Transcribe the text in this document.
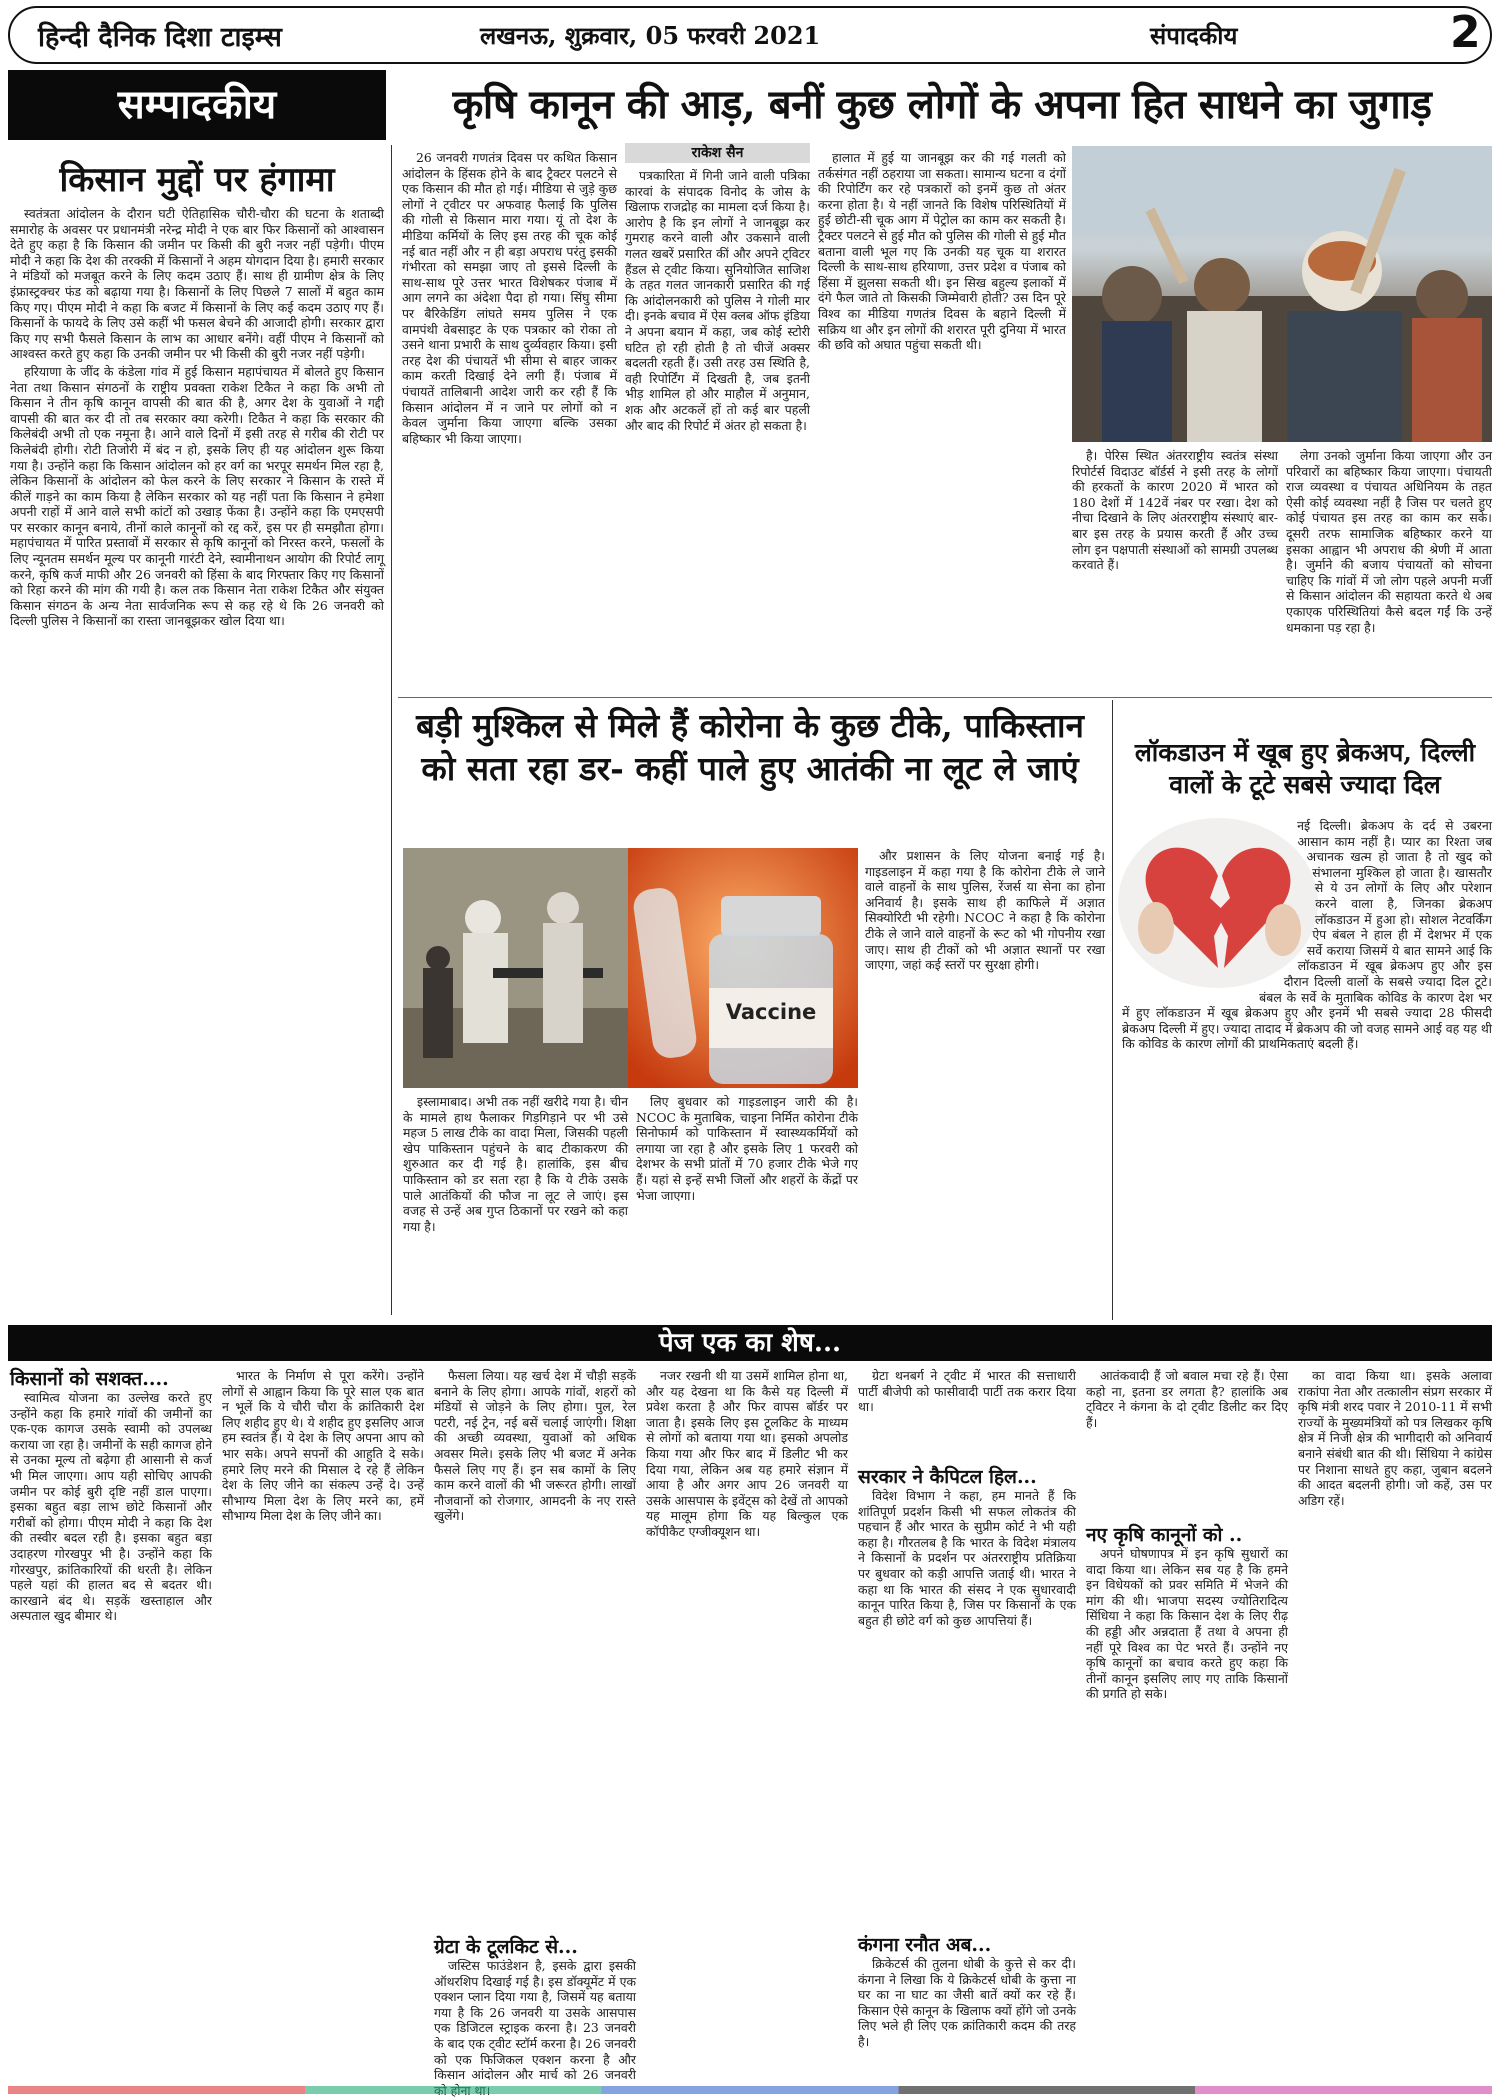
हिन्दी दैनिक दिशा टाइम्स	लखनऊ, शुक्रवार, 05 फरवरी 2021	संपादकीय	2
सम्पादकीय
किसान मुद्दों पर हंगामा

स्वतंत्रता आंदोलन के दौरान घटी ऐतिहासिक चौरी-चौरा की घटना के शताब्दी समारोह के अवसर पर प्रधानमंत्री नरेन्द्र मोदी ने एक बार फिर किसानों को आश्वासन देते हुए कहा है कि किसान की जमीन पर किसी की बुरी नजर नहीं पड़ेगी। पीएम मोदी ने कहा कि देश की तरक्की में किसानों ने अहम योगदान दिया है। हमारी सरकार ने मंडियों को मजबूत करने के लिए कदम उठाए हैं। साथ ही ग्रामीण क्षेत्र के लिए इंफ्रास्ट्रक्चर फंड को बढ़ाया गया है। किसानों के लिए पिछले 7 सालों में बहुत काम किए गए। पीएम मोदी ने कहा कि बजट में किसानों के लिए कई कदम उठाए गए हैं। किसानों के फायदे के लिए उसे कहीं भी फसल बेचने की आजादी होगी। सरकार द्वारा किए गए सभी फैसले किसान के लाभ का आधार बनेंगे। वहीं पीएम ने किसानों को आश्वस्त करते हुए कहा कि उनकी जमीन पर भी किसी की बुरी नजर नहीं पड़ेगी।

हरियाणा के जींद के कंडेला गांव में हुई किसान महापंचायत में बोलते हुए किसान नेता तथा किसान संगठनों के राष्ट्रीय प्रवक्ता राकेश टिकैत ने कहा कि अभी तो किसान ने तीन कृषि कानून वापसी की बात की है, अगर देश के युवाओं ने गद्दी वापसी की बात कर दी तो तब सरकार क्या करेगी। टिकैत ने कहा कि सरकार की किलेबंदी अभी तो एक नमूना है। आने वाले दिनों में इसी तरह से गरीब की रोटी पर किलेबंदी होगी। रोटी तिजोरी में बंद न हो, इसके लिए ही यह आंदोलन शुरू किया गया है। उन्होंने कहा कि किसान आंदोलन को हर वर्ग का भरपूर समर्थन मिल रहा है, लेकिन किसानों के आंदोलन को फेल करने के लिए सरकार ने किसान के रास्ते में कीलें गाड़ने का काम किया है लेकिन सरकार को यह नहीं पता कि किसान ने हमेशा अपनी राहों में आने वाले सभी कांटों को उखाड़ फेंका है। उन्होंने कहा कि एमएसपी पर सरकार कानून बनाये, तीनों काले कानूनों को रद्द करें, इस पर ही समझौता होगा। महापंचायत में पारित प्रस्तावों में सरकार से कृषि कानूनों को निरस्त करने, फसलों के लिए न्यूनतम समर्थन मूल्य पर कानूनी गारंटी देने, स्वामीनाथन आयोग की रिपोर्ट लागू करने, कृषि कर्ज माफी और 26 जनवरी को हिंसा के बाद गिरफ्तार किए गए किसानों को रिहा करने की मांग की गयी है। कल तक किसान नेता राकेश टिकैत और संयुक्त किसान संगठन के अन्य नेता सार्वजनिक रूप से कह रहे थे कि 26 जनवरी को दिल्ली पुलिस ने किसानों का रास्ता जानबूझकर खोल दिया था।

कृषि कानून की आड़, बनीं कुछ लोगों के अपना हित साधने का जुगाड़

26 जनवरी गणतंत्र दिवस पर कथित किसान आंदोलन के हिंसक होने के बाद ट्रैक्टर पलटने से एक किसान की मौत हो गई। मीडिया से जुड़े कुछ लोगों ने ट्वीटर पर अफवाह फैलाई कि पुलिस की गोली से किसान मारा गया। यूं तो देश के मीडिया कर्मियों के लिए इस तरह की चूक कोई नई बात नहीं और न ही बड़ा अपराध परंतु इसकी गंभीरता को समझा जाए तो इससे दिल्ली के साथ-साथ पूरे उत्तर भारत विशेषकर पंजाब में आग लगने का अंदेशा पैदा हो गया। सिंघु सीमा पर बैरिकेडिंग लांघते समय पुलिस ने एक वामपंथी वेबसाइट के एक पत्रकार को रोका तो उसने थाना प्रभारी के साथ दुर्व्यवहार किया। इसी तरह देश की पंचायतें भी सीमा से बाहर जाकर काम करती दिखाई देने लगी हैं। पंजाब में पंचायतें तालिबानी आदेश जारी कर रही हैं कि किसान आंदोलन में न जाने पर लोगों को न केवल जुर्माना किया जाएगा बल्कि उसका बहिष्कार भी किया जाएगा।

राकेश सैन

पत्रकारिता में गिनी जाने वाली पत्रिका कारवां के संपादक विनोद के जोस के खिलाफ राजद्रोह का मामला दर्ज किया है। आरोप है कि इन लोगों ने जानबूझ कर गुमराह करने वाली और उकसाने वाली गलत खबरें प्रसारित कीं और अपने ट्विटर हैंडल से ट्वीट किया। सुनियोजित साजिश के तहत गलत जानकारी प्रसारित की गई कि आंदोलनकारी को पुलिस ने गोली मार दी। इनके बचाव में ऐस क्लब ऑफ इंडिया ने अपना बयान में कहा, जब कोई स्टोरी घटित हो रही होती है तो चीजें अक्सर बदलती रहती हैं। उसी तरह उस स्थिति है, वही रिपोर्टिंग में दिखती है, जब इतनी भीड़ शामिल हो और माहौल में अनुमान, शक और अटकलें हों तो कई बार पहली और बाद की रिपोर्ट में अंतर हो सकता है।

हालात में हुई या जानबूझ कर की गई गलती को तर्कसंगत नहीं ठहराया जा सकता। सामान्य घटना व दंगों की रिपोर्टिंग कर रहे पत्रकारों को इनमें कुछ तो अंतर करना होता है। ये नहीं जानते कि विशेष परिस्थितियों में हुई छोटी-सी चूक आग में पेट्रोल का काम कर सकती है। ट्रैक्टर पलटने से हुई मौत को पुलिस की गोली से हुई मौत बताना वाली भूल गए कि उनकी यह चूक या शरारत दिल्ली के साथ-साथ हरियाणा, उत्तर प्रदेश व पंजाब को हिंसा में झुलसा सकती थी। इन सिख बहुल्य इलाकों में दंगे फैल जाते तो किसकी जिम्मेवारी होती? उस दिन पूरे विश्व का मीडिया गणतंत्र दिवस के बहाने दिल्ली में सक्रिय था और इन लोगों की शरारत पूरी दुनिया में भारत की छवि को अघात पहुंचा सकती थी।

है। पेरिस स्थित अंतरराष्ट्रीय स्वतंत्र संस्था रिपोर्टर्स विदाउट बॉर्डर्स ने इसी तरह के लोगों की हरकतों के कारण 2020 में भारत को 180 देशों में 142वें नंबर पर रखा। देश को नीचा दिखाने के लिए अंतरराष्ट्रीय संस्थाएं बार-बार इस तरह के प्रयास करती हैं और उच्च लोग इन पक्षपाती संस्थाओं को सामग्री उपलब्ध करवाते हैं।

लेगा उनको जुर्माना किया जाएगा और उन परिवारों का बहिष्कार किया जाएगा। पंचायती राज व्यवस्था व पंचायत अधिनियम के तहत ऐसी कोई व्यवस्था नहीं है जिस पर चलते हुए कोई पंचायत इस तरह का काम कर सके। दूसरी तरफ सामाजिक बहिष्कार करने या इसका आह्वान भी अपराध की श्रेणी में आता है। जुर्माने की बजाय पंचायतों को सोचना चाहिए कि गांवों में जो लोग पहले अपनी मर्जी से किसान आंदोलन की सहायता करते थे अब एकाएक परिस्थितियां कैसे बदल गईं कि उन्हें धमकाना पड़ रहा है।

बड़ी मुश्किल से मिले हैं कोरोना के कुछ टीके, पाकिस्तान को सता रहा डर- कहीं पाले हुए आतंकी ना लूट ले जाएं
Vaccine

और प्रशासन के लिए योजना बनाई गई है। गाइडलाइन में कहा गया है कि कोरोना टीके ले जाने वाले वाहनों के साथ पुलिस, रेंजर्स या सेना का होना अनिवार्य है। इसके साथ ही काफिले में अज्ञात सिक्योरिटी भी रहेगी। NCOC ने कहा है कि कोरोना टीके ले जाने वाले वाहनों के रूट को भी गोपनीय रखा जाए। साथ ही टीकों को भी अज्ञात स्थानों पर रखा जाएगा, जहां कई स्तरों पर सुरक्षा होगी।

इस्लामाबाद। अभी तक नहीं खरीदे गया है। चीन के मामले हाथ फैलाकर गिड़गिड़ाने पर भी उसे महज 5 लाख टीके का वादा मिला, जिसकी पहली खेप पाकिस्तान पहुंचने के बाद टीकाकरण की शुरुआत कर दी गई है। हालांकि, इस बीच पाकिस्तान को डर सता रहा है कि ये टीके उसके पाले आतंकियों की फौज ना लूट ले जाएं। इस वजह से उन्हें अब गुप्त ठिकानों पर रखने को कहा गया है।

लिए बुधवार को गाइडलाइन जारी की है। NCOC के मुताबिक, चाइना निर्मित कोरोना टीके सिनोफार्म को पाकिस्तान में स्वास्थ्यकर्मियों को लगाया जा रहा है और इसके लिए 1 फरवरी को देशभर के सभी प्रांतों में 70 हजार टीके भेजे गए हैं। यहां से इन्हें सभी जिलों और शहरों के केंद्रों पर भेजा जाएगा।

लॉकडाउन में खूब हुए ब्रेकअप, दिल्ली वालों के टूटे सबसे ज्यादा दिल

नई दिल्ली। ब्रेकअप के दर्द से उबरना आसान काम नहीं है। प्यार का रिश्ता जब अचानक खत्म हो जाता है तो खुद को संभालना मुश्किल हो जाता है। खासतौर से ये उन लोगों के लिए और परेशान करने वाला है, जिनका ब्रेकअप लॉकडाउन में हुआ हो। सोशल नेटवर्किंग ऐप बंबल ने हाल ही में देशभर में एक सर्वे कराया जिसमें ये बात सामने आई कि लॉकडाउन में खूब ब्रेकअप हुए और इस दौरान दिल्ली वालों के सबसे ज्यादा दिल टूटे। बंबल के सर्वे के मुताबिक कोविड के कारण देश भर में हुए लॉकडाउन में खूब ब्रेकअप हुए और इनमें भी सबसे ज्यादा 28 फीसदी ब्रेकअप दिल्ली में हुए। ज्यादा तादाद में ब्रेकअप की जो वजह सामने आई वह यह थी कि कोविड के कारण लोगों की प्राथमिकताएं बदली हैं।

पेज एक का शेष...
किसानों को सशक्त....

स्वामित्व योजना का उल्लेख करते हुए उन्होंने कहा कि हमारे गांवों की जमीनों का एक-एक कागज उसके स्वामी को उपलब्ध कराया जा रहा है। जमीनों के सही कागज होने से उनका मूल्य तो बढ़ेगा ही आसानी से कर्ज भी मिल जाएगा। आप यही सोचिए आपकी जमीन पर कोई बुरी दृष्टि नहीं डाल पाएगा। इसका बहुत बड़ा लाभ छोटे किसानों और गरीबों को होगा। पीएम मोदी ने कहा कि देश की तस्वीर बदल रही है। इसका बहुत बड़ा उदाहरण गोरखपुर भी है। उन्होंने कहा कि गोरखपुर, क्रांतिकारियों की धरती है। लेकिन पहले यहां की हालत बद से बदतर थी। कारखाने बंद थे। सड़कें खस्ताहाल और अस्पताल खुद बीमार थे।

भारत के निर्माण से पूरा करेंगे। उन्होंने लोगों से आह्वान किया कि पूरे साल एक बात न भूलें कि ये चौरी चौरा के क्रांतिकारी देश लिए शहीद हुए थे। ये शहीद हुए इसलिए आज हम स्वतंत्र हैं। ये देश के लिए अपना आप को भार सके। अपने सपनों की आहुति दे सके। हमारे लिए मरने की मिसाल दे रहे हैं लेकिन देश के लिए जीने का संकल्प उन्हें दे। उन्हें सौभाग्य मिला देश के लिए मरने का, हमें सौभाग्य मिला देश के लिए जीने का।

फैसला लिया। यह खर्च देश में चौड़ी सड़कें बनाने के लिए होगा। आपके गांवों, शहरों को मंडियों से जोड़ने के लिए होगा। पुल, रेल पटरी, नई ट्रेन, नई बसें चलाई जाएंगी। शिक्षा की अच्छी व्यवस्था, युवाओं को अधिक अवसर मिले। इसके लिए भी बजट में अनेक फैसले लिए गए हैं। इन सब कामों के लिए काम करने वालों की भी जरूरत होगी। लाखों नौजवानों को रोजगार, आमदनी के नए रास्ते खुलेंगे।

ग्रेटा के टूलकिट से...

जस्टिस फाउंडेशन है, इसके द्वारा इसकी ऑथरशिप दिखाई गई है। इस डॉक्यूमेंट में एक एक्शन प्लान दिया गया है, जिसमें यह बताया गया है कि 26 जनवरी या उसके आसपास एक डिजिटल स्ट्राइक करना है। 23 जनवरी के बाद एक ट्वीट स्टॉर्म करना है। 26 जनवरी को एक फिजिकल एक्शन करना है और किसान आंदोलन और मार्च को 26 जनवरी

नजर रखनी थी या उसमें शामिल होना था, और यह देखना था कि कैसे यह दिल्ली में प्रवेश करता है और फिर वापस बॉर्डर पर जाता है। इसके लिए इस टूलकिट के माध्यम से लोगों को बताया गया था। इसको अपलोड किया गया और फिर बाद में डिलीट भी कर दिया गया, लेकिन अब यह हमारे संज्ञान में आया है और अगर आप 26 जनवरी या उसके आसपास के इवेंट्स को देखें तो आपको यह मालूम होगा कि यह बिल्कुल एक कॉपीकैट एग्जीक्यूशन था।

ग्रेटा थनबर्ग ने ट्वीट में भारत की सत्ताधारी पार्टी बीजेपी को फासीवादी पार्टी तक करार दिया था।

सरकार ने कैपिटल हिल...

विदेश विभाग ने कहा, हम मानते हैं कि शांतिपूर्ण प्रदर्शन किसी भी सफल लोकतंत्र की पहचान हैं और भारत के सुप्रीम कोर्ट ने भी यही कहा है। गौरतलब है कि भारत के विदेश मंत्रालय ने किसानों के प्रदर्शन पर अंतरराष्ट्रीय प्रतिक्रिया पर बुधवार को कड़ी आपत्ति जताई थी। भारत ने कहा था कि भारत की संसद ने एक सुधारवादी कानून पारित किया है, जिस पर किसानों के एक बहुत ही छोटे वर्ग को कुछ आपत्तियां हैं।

कंगना रनौत अब...

क्रिकेटर्स की तुलना धोबी के कुत्ते से कर दी। कंगना ने लिखा कि ये क्रिकेटर्स धोबी के कुत्ता ना घर का ना घाट का जैसी बातें क्यों कर रहे हैं। किसान ऐसे कानून के खिलाफ क्यों होंगे जो उनके लिए भले ही लिए एक क्रांतिकारी कदम की तरह है।

आतंकवादी हैं जो बवाल मचा रहे हैं। ऐसा कहो ना, इतना डर लगता है? हालांकि अब ट्विटर ने कंगना के दो ट्वीट डिलीट कर दिए हैं।

नए कृषि कानूनों को ..

अपने घोषणापत्र में इन कृषि सुधारों का वादा किया था। लेकिन सब यह है कि हमने इन विधेयकों को प्रवर समिति में भेजने की मांग की थी। भाजपा सदस्य ज्योतिरादित्य सिंधिया ने कहा कि किसान देश के लिए रीढ़ की हड्डी और अन्नदाता हैं तथा वे अपना ही नहीं पूरे विश्व का पेट भरते हैं। उन्होंने नए कृषि कानूनों का बचाव करते हुए कहा कि तीनों कानून इसलिए लाए गए ताकि किसानों की प्रगति हो सके।

का वादा किया था। इसके अलावा राकांपा नेता और तत्कालीन संप्रग सरकार में कृषि मंत्री शरद पवार ने 2010-11 में सभी राज्यों के मुख्यमंत्रियों को पत्र लिखकर कृषि क्षेत्र में निजी क्षेत्र की भागीदारी को अनिवार्य बनाने संबंधी बात की थी। सिंधिया ने कांग्रेस पर निशाना साधते हुए कहा, जुबान बदलने की आदत बदलनी होगी। जो कहें, उस पर अडिग रहें।
